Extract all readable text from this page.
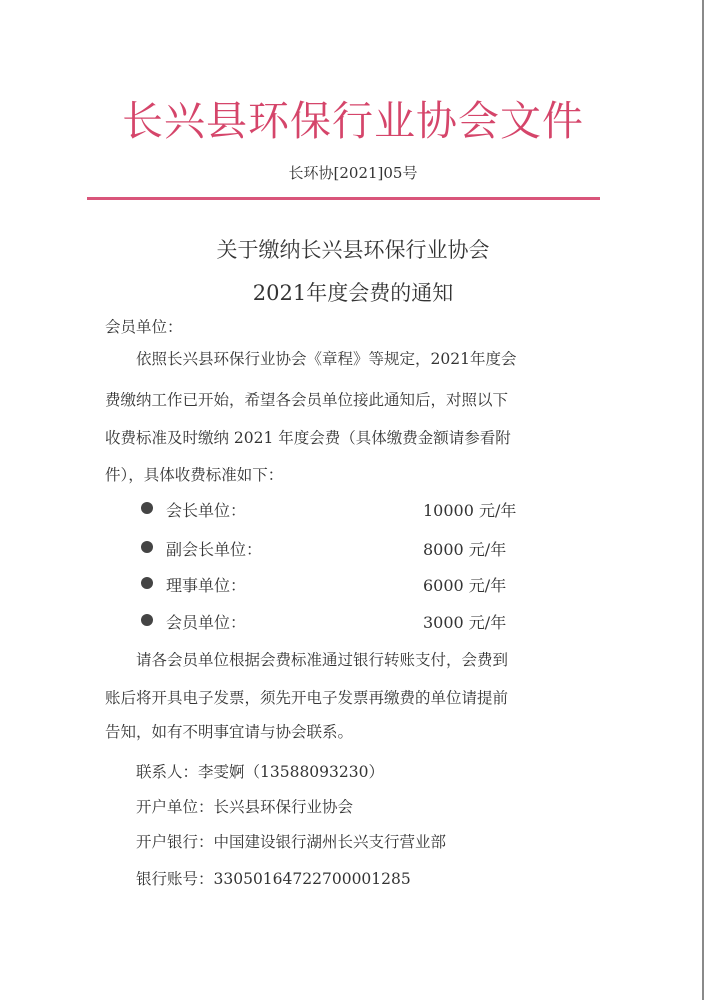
长兴县环保行业协会文件
长环协[2021]05号
关于缴纳长兴县环保行业协会
2021年度会费的通知
会员单位：
　　依照长兴县环保行业协会《章程》等规定，2021年度会
费缴纳工作已开始，希望各会员单位接此通知后，对照以下
收费标准及时缴纳 2021 年度会费（具体缴费金额请参看附
件），具体收费标准如下：
会长单位：	10000 元/年
副会长单位：	8000 元/年
理事单位：	6000 元/年
会员单位：	3000 元/年
　　请各会员单位根据会费标准通过银行转账支付，会费到
账后将开具电子发票，须先开电子发票再缴费的单位请提前
告知，如有不明事宜请与协会联系。
　　联系人：李雯婀（13588093230）
　　开户单位：长兴县环保行业协会
　　开户银行：中国建设银行湖州长兴支行营业部
　　银行账号：33050164722700001285
